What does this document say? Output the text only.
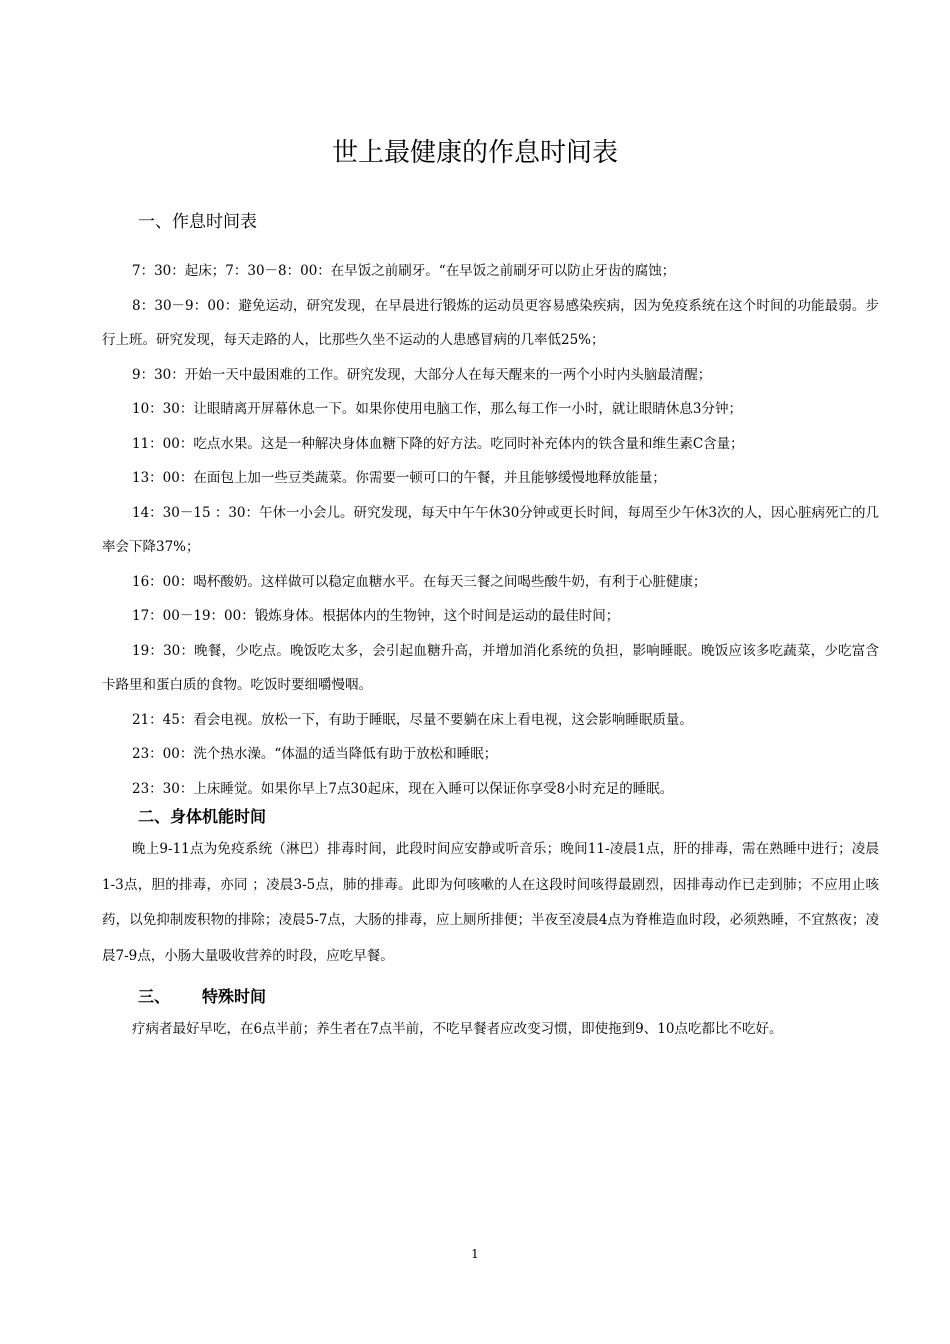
世上最健康的作息时间表
一、作息时间表

7：30：起床；7：30－8：00：在早饭之前刷牙。“在早饭之前刷牙可以防止牙齿的腐蚀；

8：30－9：00：避免运动，研究发现，在早晨进行锻炼的运动员更容易感染疾病，因为免疫系统在这个时间的功能最弱。步行上班。研究发现，每天走路的人，比那些久坐不运动的人患感冒病的几率低25%；

9：30：开始一天中最困难的工作。研究发现，大部分人在每天醒来的一两个小时内头脑最清醒；

10：30：让眼睛离开屏幕休息一下。如果你使用电脑工作，那么每工作一小时，就让眼睛休息3分钟；

11：00：吃点水果。这是一种解决身体血糖下降的好方法。吃同时补充体内的铁含量和维生素C含量；

13：00：在面包上加一些豆类蔬菜。你需要一顿可口的午餐，并且能够缓慢地释放能量；

14：30－15 ：30：午休一小会儿。研究发现，每天中午午休30分钟或更长时间，每周至少午休3次的人，因心脏病死亡的几率会下降37%；

16：00：喝杯酸奶。这样做可以稳定血糖水平。在每天三餐之间喝些酸牛奶，有利于心脏健康；

17：00－19：00：锻炼身体。根据体内的生物钟，这个时间是运动的最佳时间；

19：30：晚餐，少吃点。晚饭吃太多，会引起血糖升高，并增加消化系统的负担，影响睡眠。晚饭应该多吃蔬菜，少吃富含卡路里和蛋白质的食物。吃饭时要细嚼慢咽。

21：45：看会电视。放松一下，有助于睡眠，尽量不要躺在床上看电视，这会影响睡眠质量。

23：00：洗个热水澡。“体温的适当降低有助于放松和睡眠；

23：30：上床睡觉。如果你早上7点30起床，现在入睡可以保证你享受8小时充足的睡眠。

二、身体机能时间

晚上9-11点为免疫系统（淋巴）排毒时间，此段时间应安静或听音乐；晚间11-凌晨1点，肝的排毒，需在熟睡中进行；凌晨1-3点，胆的排毒，亦同 ；凌晨3-5点，肺的排毒。此即为何咳嗽的人在这段时间咳得最剧烈，因排毒动作已走到肺；不应用止咳药，以免抑制废积物的排除；凌晨5-7点，大肠的排毒，应上厕所排便；半夜至凌晨4点为脊椎造血时段，必须熟睡，不宜熬夜；凌晨7-9点，小肠大量吸收营养的时段，应吃早餐。

三、 特殊时间

疗病者最好早吃，在6点半前；养生者在7点半前，不吃早餐者应改变习惯，即使拖到9、10点吃都比不吃好。

1
